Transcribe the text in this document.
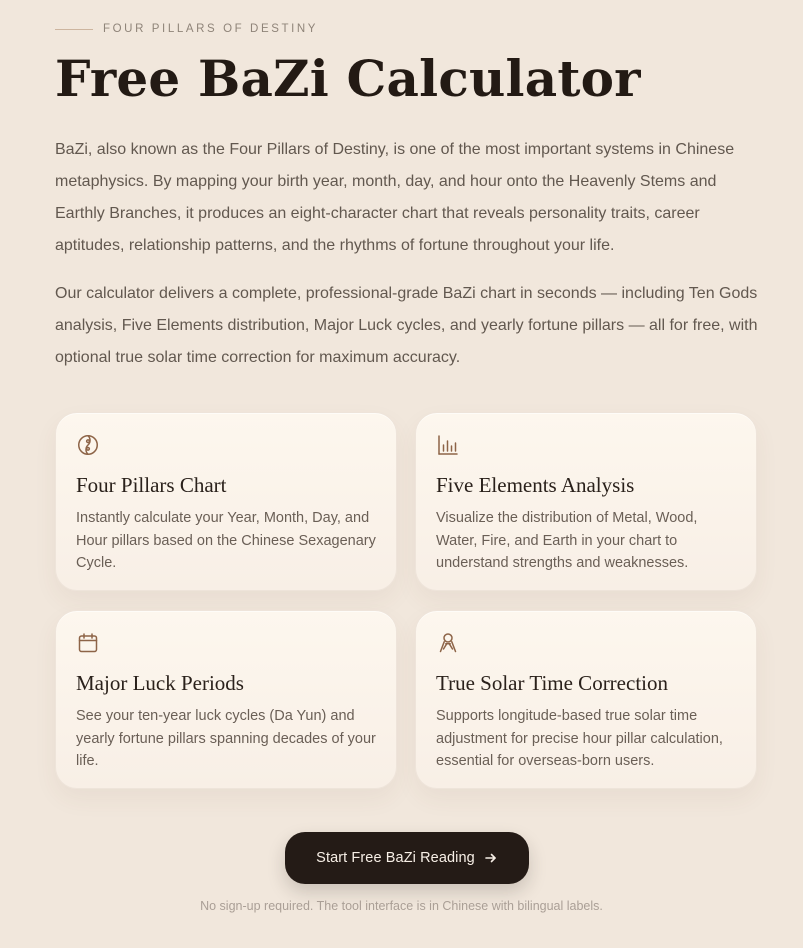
FOUR PILLARS OF DESTINY
Free BaZi Calculator

BaZi, also known as the Four Pillars of Destiny, is one of the most important systems in Chinese metaphysics. By mapping your birth year, month, day, and hour onto the Heavenly Stems and Earthly Branches, it produces an eight-character chart that reveals personality traits, career aptitudes, relationship patterns, and the rhythms of fortune throughout your life.

Our calculator delivers a complete, professional-grade BaZi chart in seconds — including Ten Gods analysis, Five Elements distribution, Major Luck cycles, and yearly fortune pillars — all for free, with optional true solar time correction for maximum accuracy.

Four Pillars Chart

Instantly calculate your Year, Month, Day, and Hour pillars based on the Chinese Sexagenary Cycle.

Five Elements Analysis

Visualize the distribution of Metal, Wood, Water, Fire, and Earth in your chart to understand strengths and weaknesses.

Major Luck Periods

See your ten-year luck cycles (Da Yun) and yearly fortune pillars spanning decades of your life.

True Solar Time Correction

Supports longitude-based true solar time adjustment for precise hour pillar calculation, essential for overseas-born users.

Start Free BaZi Reading

No sign-up required. The tool interface is in Chinese with bilingual labels.
